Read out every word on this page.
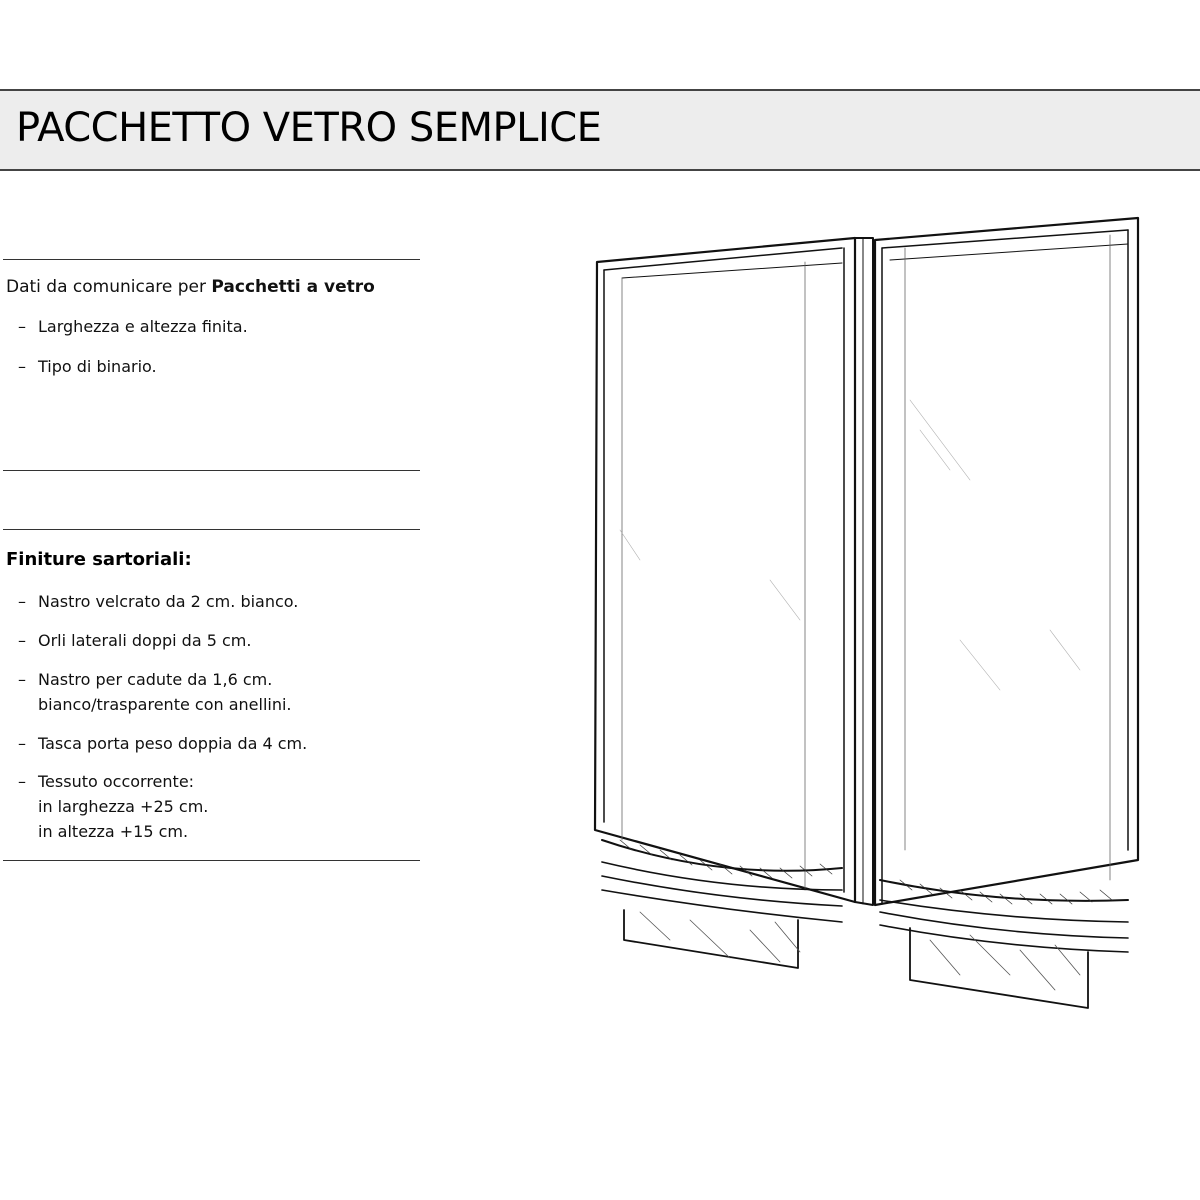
PACCHETTO VETRO SEMPLICE
Dati da comunicare per Pacchetti a vetro
– Larghezza e altezza finita.
– Tipo di binario.
Finiture sartoriali:
– Nastro velcrato da 2 cm. bianco.
– Orli laterali doppi da 5 cm.
– Nastro per cadute da 1,6 cm.
bianco/trasparente con anellini.
– Tasca porta peso doppia da 4 cm.
– Tessuto occorrente:
in larghezza +25 cm.
in altezza +15 cm.
